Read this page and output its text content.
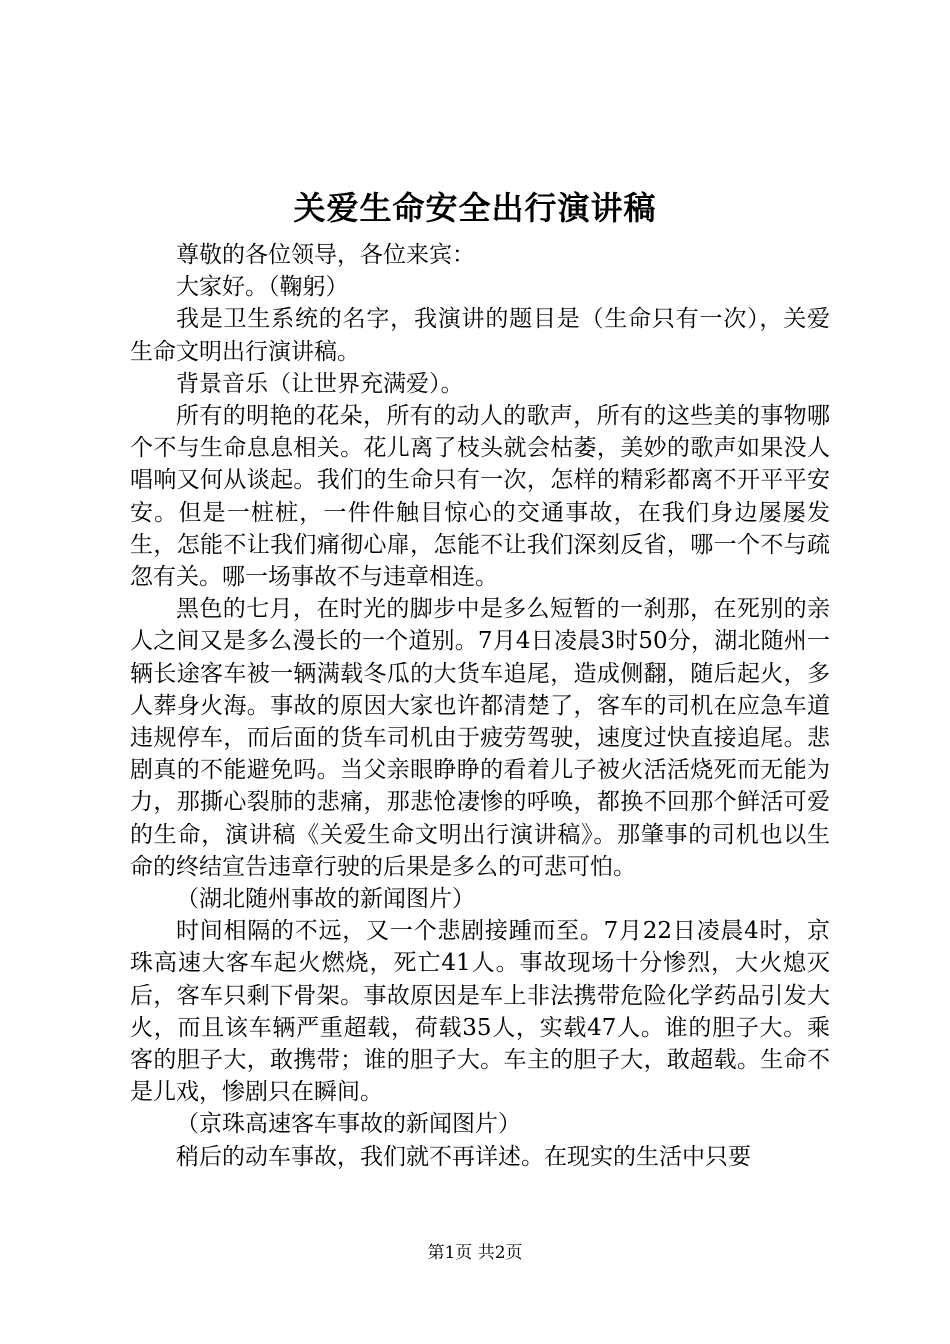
关爱生命安全出行演讲稿

尊敬的各位领导，各位来宾：

大家好。（鞠躬）

我是卫生系统的名字，我演讲的题目是（生命只有一次），关爱生命文明出行演讲稿。

背景音乐（让世界充满爱）。

所有的明艳的花朵，所有的动人的歌声，所有的这些美的事物哪个不与生命息息相关。花儿离了枝头就会枯萎，美妙的歌声如果没人唱响又何从谈起。我们的生命只有一次，怎样的精彩都离不开平平安安。但是一桩桩，一件件触目惊心的交通事故，在我们身边屡屡发生，怎能不让我们痛彻心扉，怎能不让我们深刻反省，哪一个不与疏忽有关。哪一场事故不与违章相连。

黑色的七月，在时光的脚步中是多么短暂的一刹那，在死别的亲人之间又是多么漫长的一个道别。7月4日凌晨3时50分，湖北随州一辆长途客车被一辆满载冬瓜的大货车追尾，造成侧翻，随后起火，多人葬身火海。事故的原因大家也许都清楚了，客车的司机在应急车道违规停车，而后面的货车司机由于疲劳驾驶，速度过快直接追尾。悲剧真的不能避免吗。当父亲眼睁睁的看着儿子被火活活烧死而无能为力，那撕心裂肺的悲痛，那悲怆凄惨的呼唤，都换不回那个鲜活可爱的生命，演讲稿《关爱生命文明出行演讲稿》。那肇事的司机也以生命的终结宣告违章行驶的后果是多么的可悲可怕。

（湖北随州事故的新闻图片）

时间相隔的不远，又一个悲剧接踵而至。7月22日凌晨4时，京珠高速大客车起火燃烧，死亡41人。事故现场十分惨烈，大火熄灭后，客车只剩下骨架。事故原因是车上非法携带危险化学药品引发大火，而且该车辆严重超载，荷载35人，实载47人。谁的胆子大。乘客的胆子大，敢携带；谁的胆子大。车主的胆子大，敢超载。生命不是儿戏，惨剧只在瞬间。

（京珠高速客车事故的新闻图片）

稍后的动车事故，我们就不再详述。在现实的生活中只要

第1页 共2页
